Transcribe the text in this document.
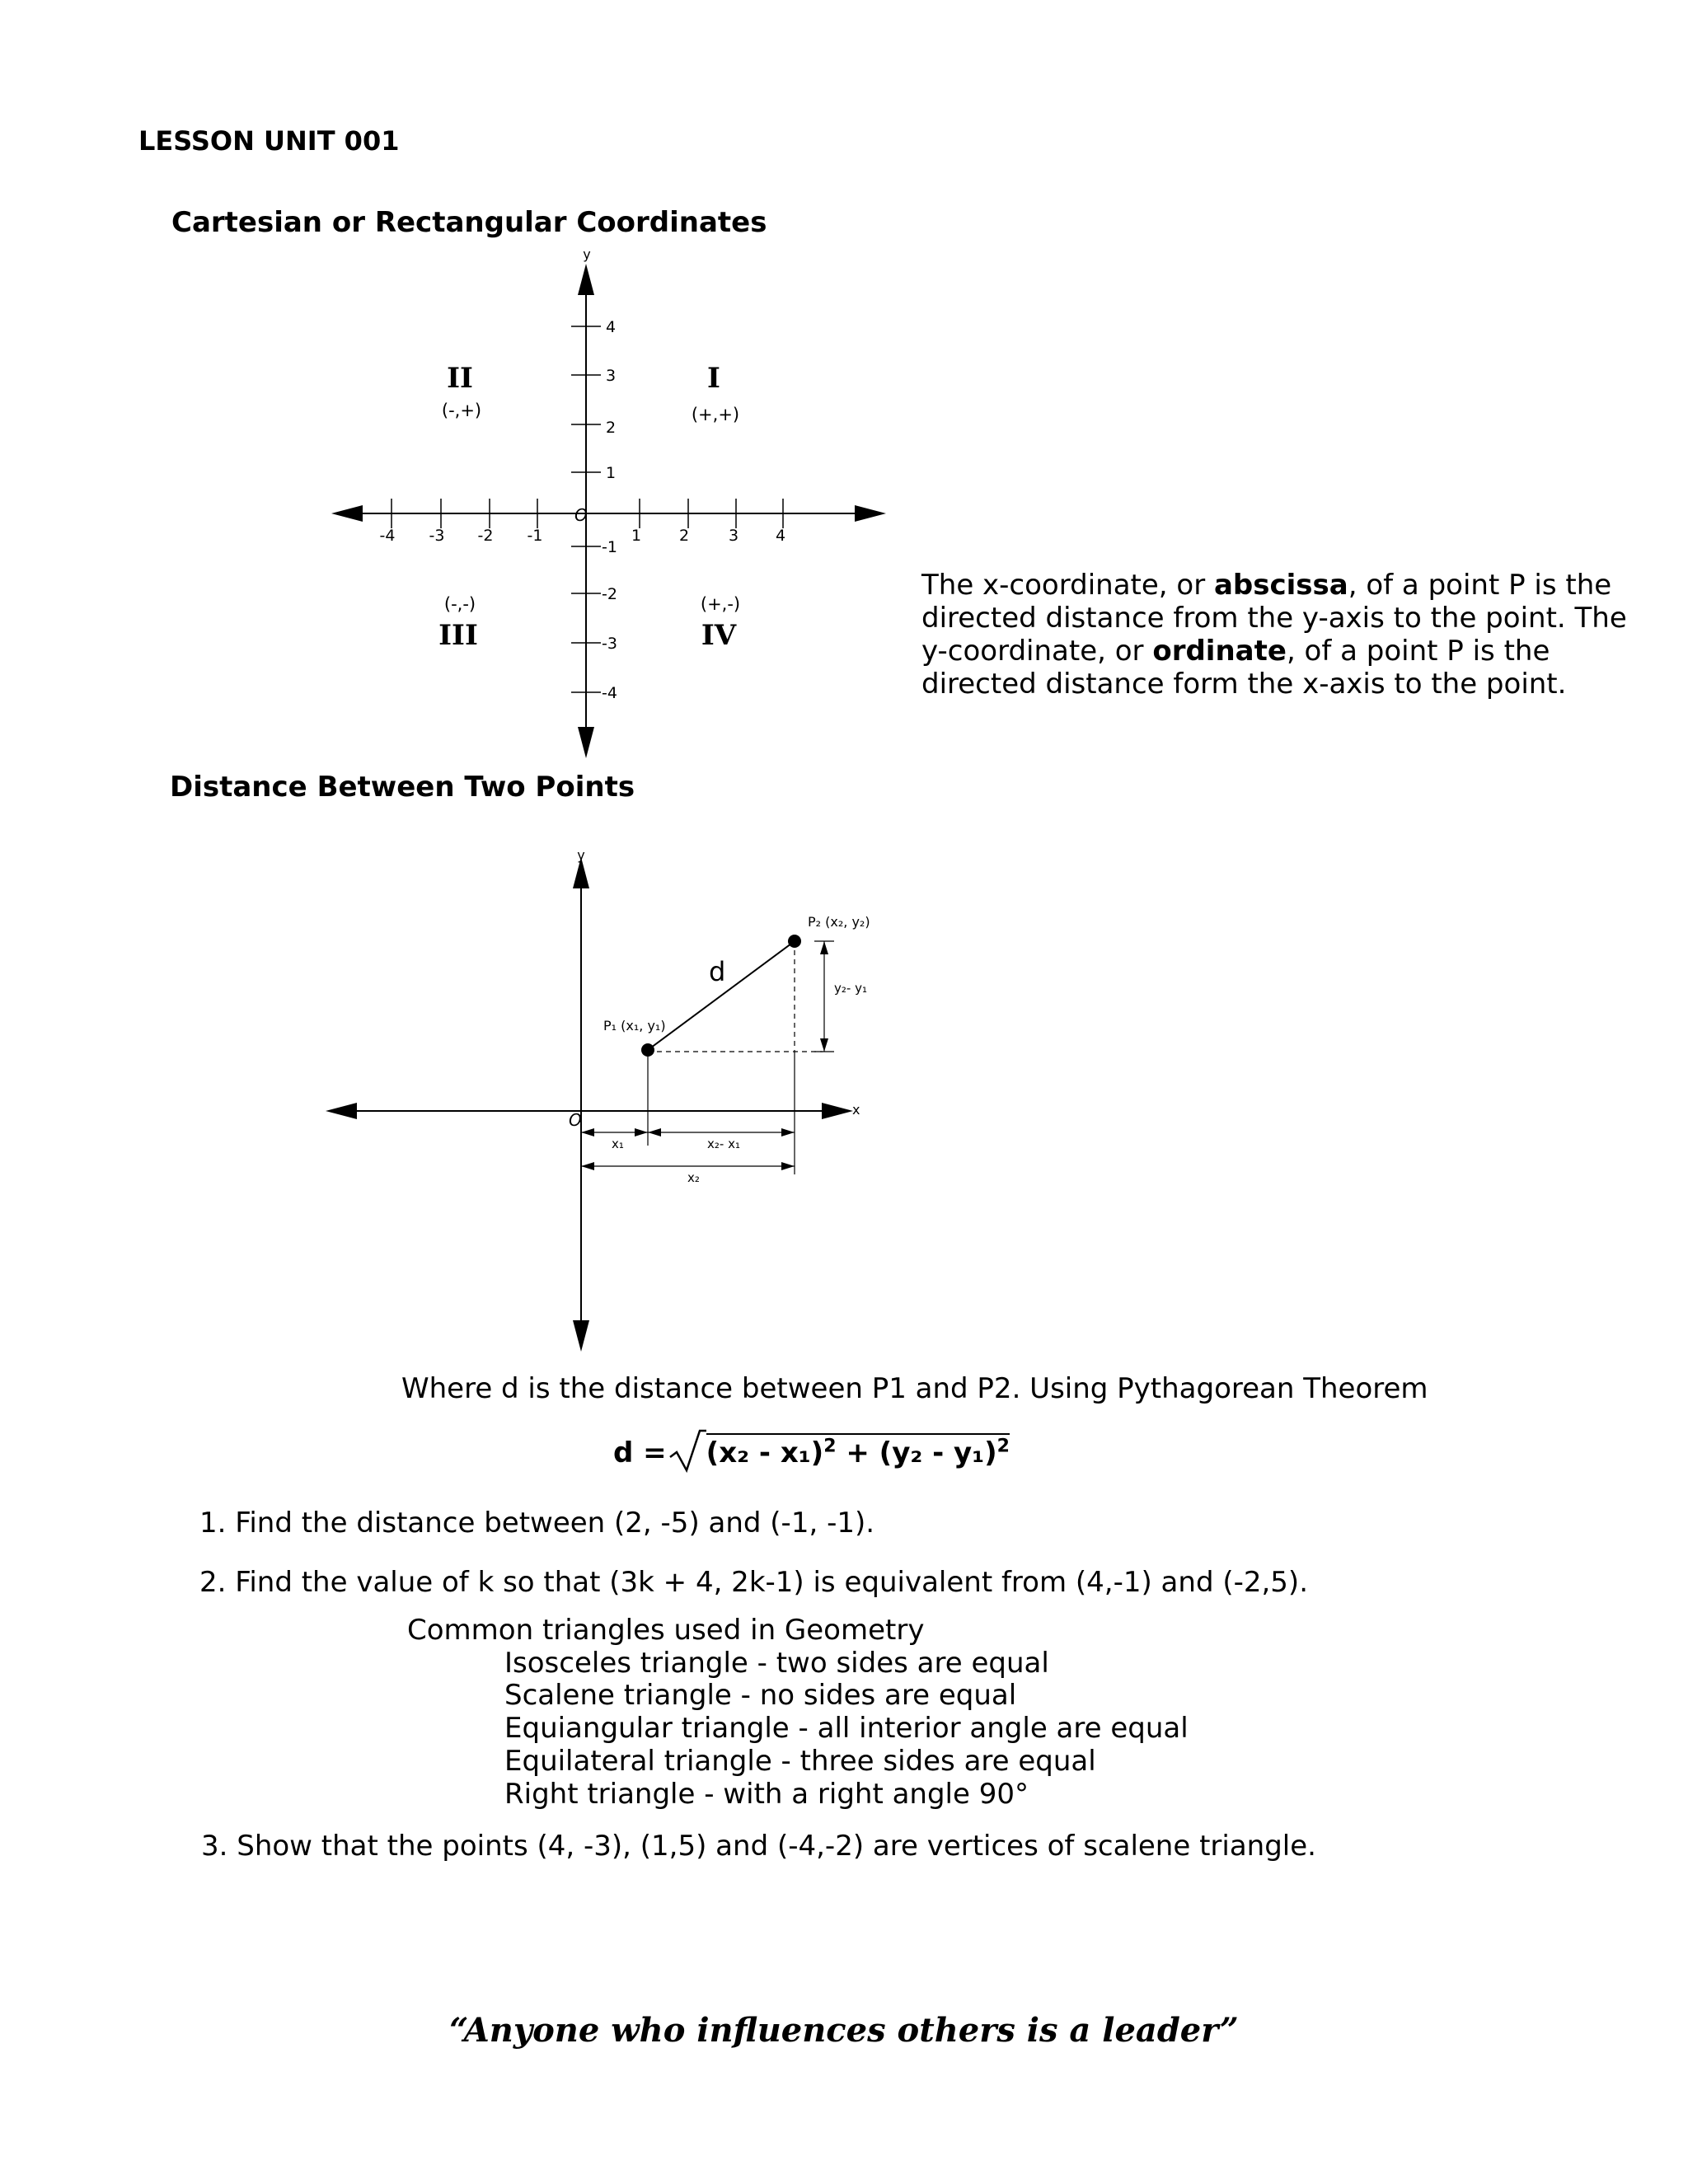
LESSON UNIT 001
Cartesian or Rectangular Coordinates
-4 -3 -2 -1	1 2	3 4
4
3
2
1
-1
-2
-3
-4
x
y
O
I
(+,+)
II
(-,+)
(-,-)
III
(+,-)
IV
The x-coordinate, or abscissa, of a point P is the
directed distance from the y-axis to the point. The
y-coordinate, or ordinate, of a point P is the
directed distance form the x-axis to the point.
Distance Between Two Points
x
y
O
P₁ (x₁, y₁)
P₂ (x₂, y₂)
d
y₂- y₁
x₁	x₂- x₁
x₂
Where d is the distance between P1 and P2. Using Pythagorean Theorem
d = (x₂ - x₁)$^2$ + (y₂ - y₁)$^2$
1. Find the distance between (2, -5) and (-1, -1).
2. Find the value of k so that (3k + 4, 2k-1) is equivalent from (4,-1) and (-2,5).
Common triangles used in Geometry
Isosceles triangle - two sides are equal
Scalene triangle - no sides are equal
Equiangular triangle - all interior angle are equal
Equilateral triangle - three sides are equal
Right triangle - with a right angle 90°
3. Show that the points (4, -3), (1,5) and (-4,-2) are vertices of scalene triangle.
“Anyone who influences others is a leader”
